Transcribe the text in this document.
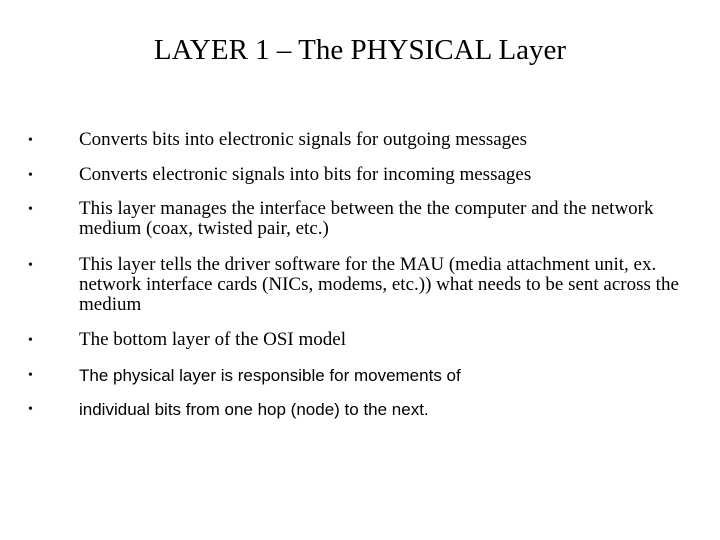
LAYER 1 – The PHYSICAL Layer
•	Converts bits into electronic signals for outgoing messages
•	Converts electronic signals into bits for incoming messages
•	This layer manages the interface between the the computer and the network medium (coax, twisted pair, etc.)
•	This layer tells the driver software for the MAU (media attachment unit, ex. network interface cards (NICs, modems, etc.)) what needs to be sent across the medium
•	The bottom layer of the OSI model
•	The physical layer is responsible for movements of
•	individual bits from one hop (node) to the next.
